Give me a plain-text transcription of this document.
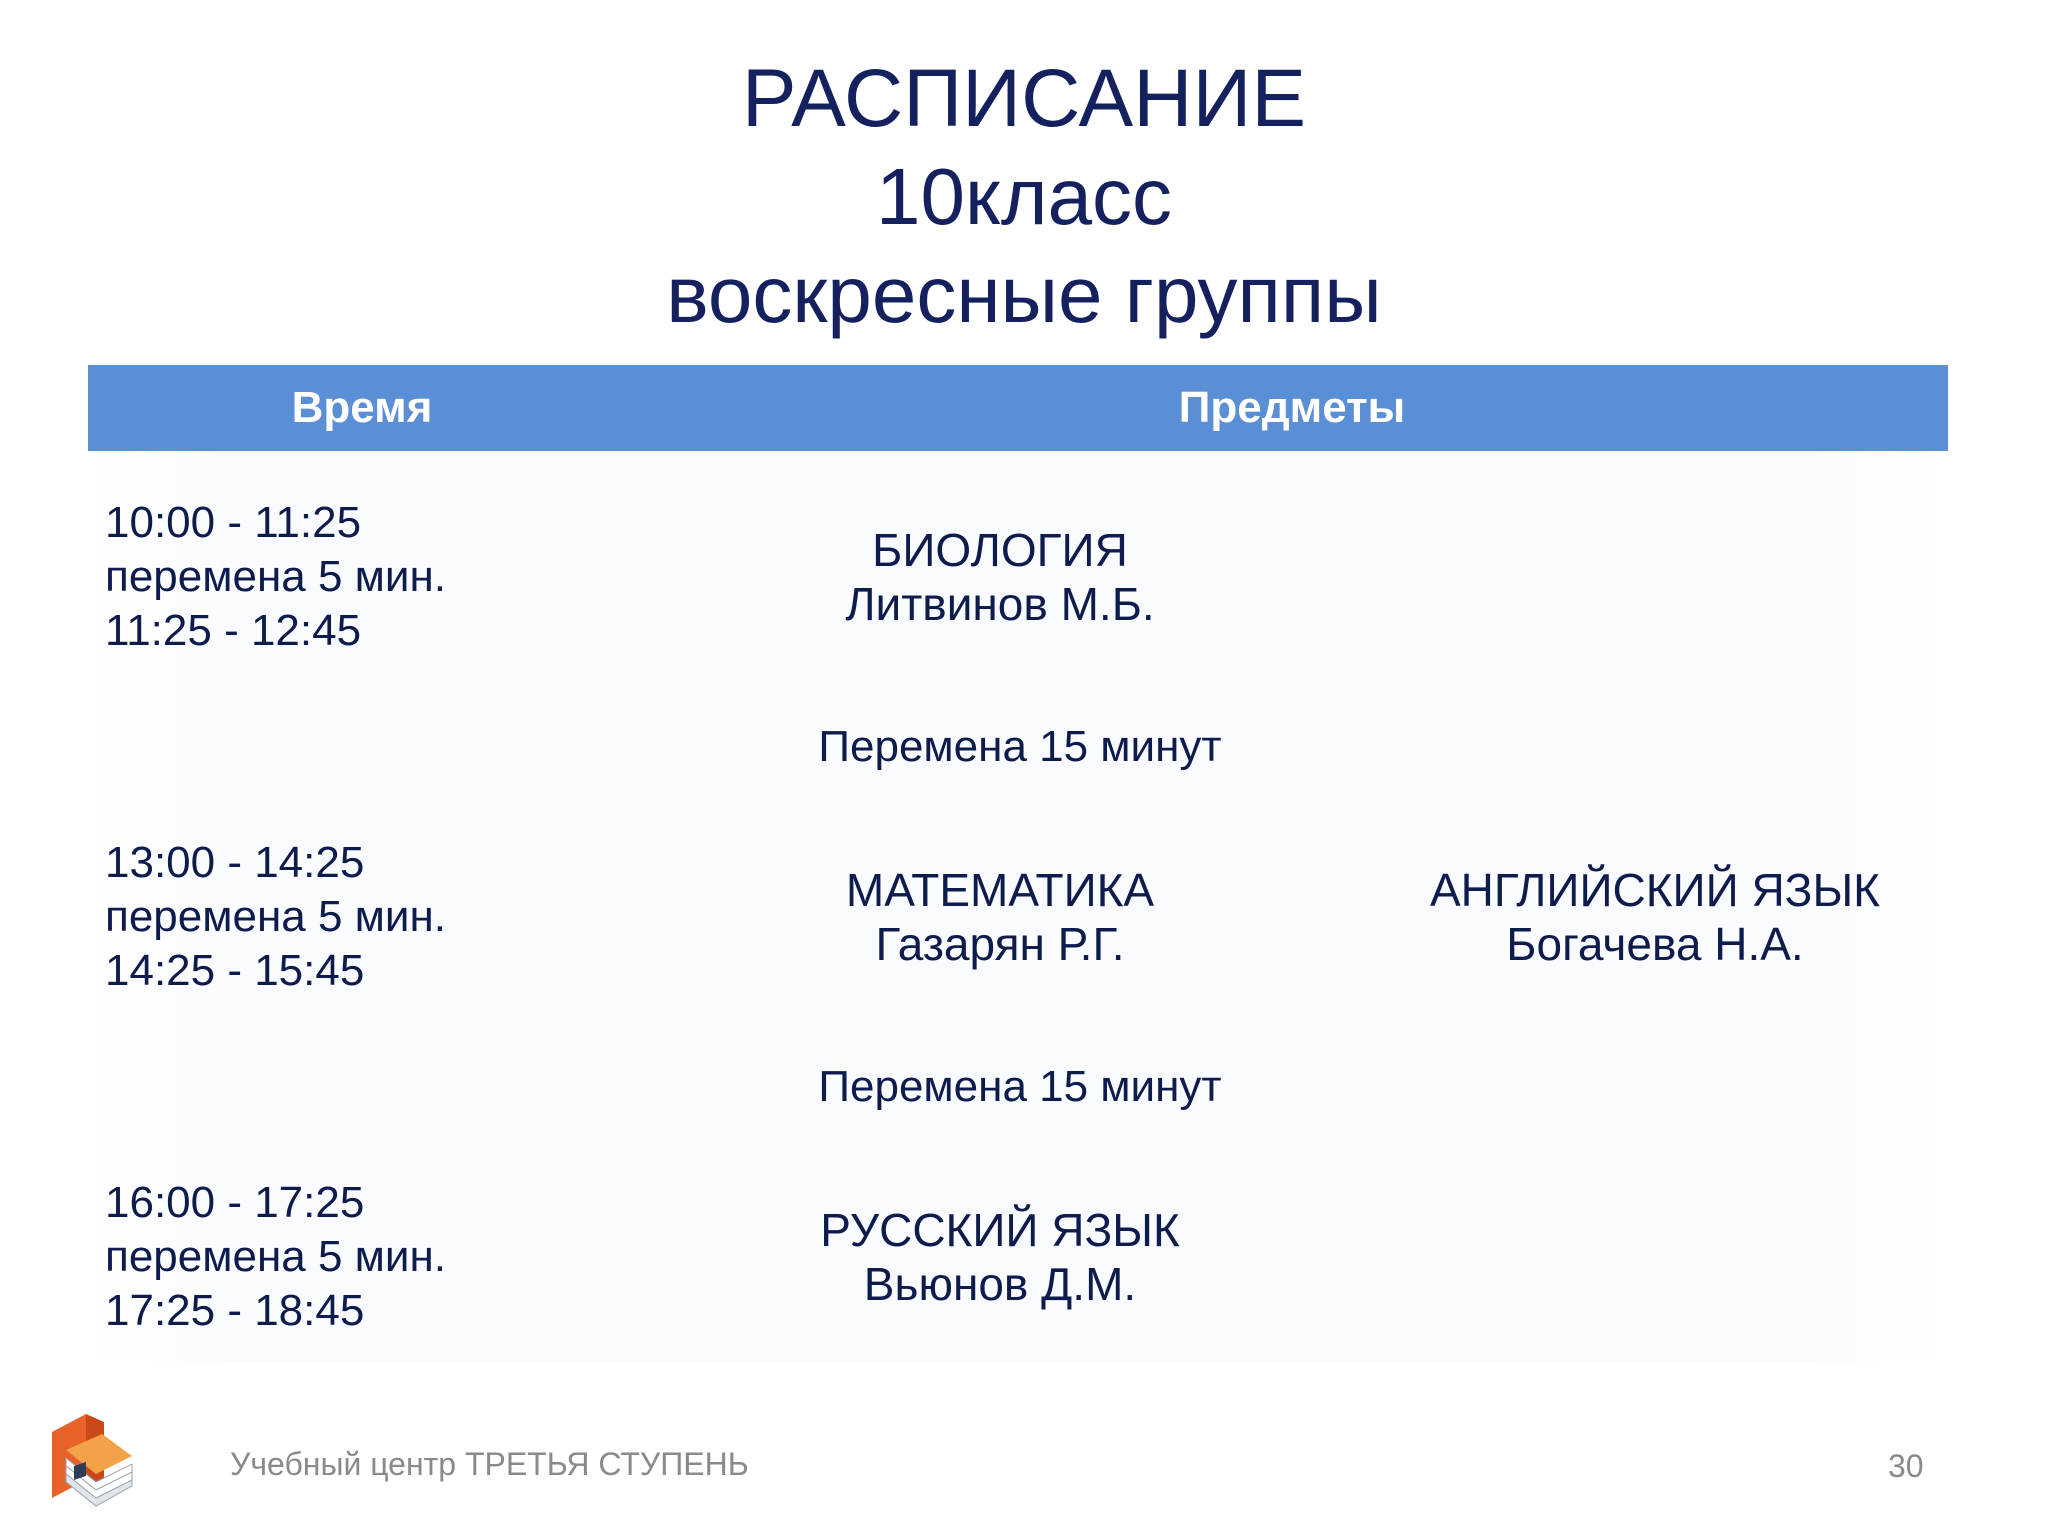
РАСПИСАНИЕ
10класс
воскресные группы
Время	Предметы
10:00 - 11:25
перемена 5 мин.
11:25 - 12:45
БИОЛОГИЯ
Литвинов М.Б.
Перемена 15 минут
13:00 - 14:25
перемена 5 мин.
14:25 - 15:45
МАТЕМАТИКА
Газарян Р.Г.
АНГЛИЙСКИЙ ЯЗЫК
Богачева Н.А.
Перемена 15 минут
16:00 - 17:25
перемена 5 мин.
17:25 - 18:45
РУССКИЙ ЯЗЫК
Вьюнов Д.М.
Учебный центр ТРЕТЬЯ СТУПЕНЬ	30
